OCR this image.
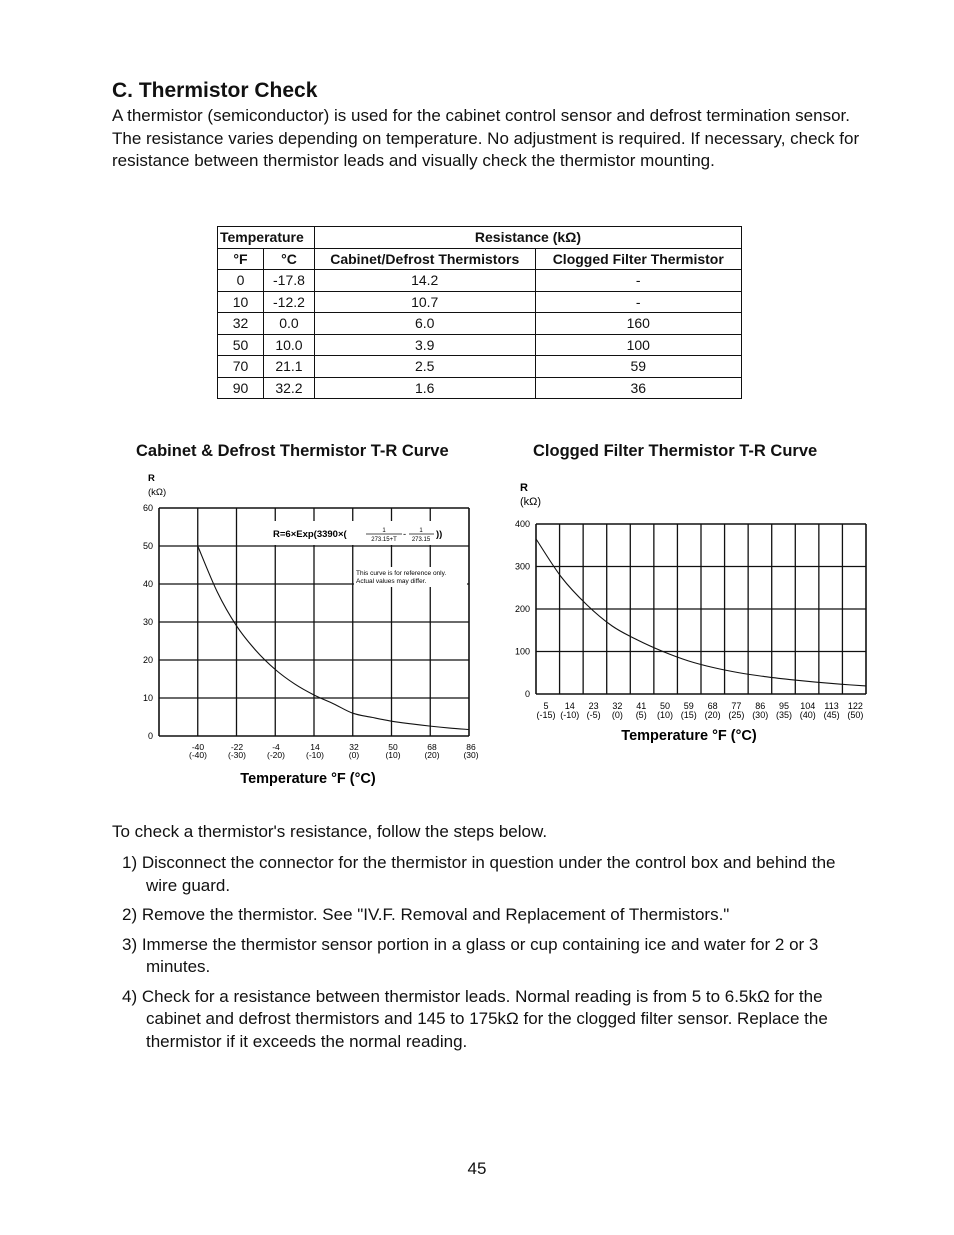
C. Thermistor Check

A thermistor (semiconductor) is used for the cabinet control sensor and defrost termination sensor. The resistance varies depending on temperature. No adjustment is required. If necessary, check for resistance between thermistor leads and visually check the thermistor mounting.

Temperature		Resistance (kΩ)	
°F	°C	Cabinet/Defrost Thermistors	Clogged Filter Thermistor
0	-17.8	14.2	-
10	-12.2	10.7	-
32	0.0	6.0	160
50	10.0	3.9	100
70	21.1	2.5	59
90	32.2	1.6	36
Cabinet & Defrost Thermistor T-R Curve	Clogged Filter Thermistor T-R Curve
0
10
20
30
40
50
60
-40
(-40)
-22
(-30)
-4
(-20)
14
(-10)
32
(0)
50
(10)
68
(20)
86
(30)
R
(kΩ)
Temperature °F (°C)
R=6×Exp(3390×(	1
273.15+T - 1
273.15 ))
This curve is for reference only.
Actual values may differ.
0
100
200
300
400
5
(-15)
14
(-10)
23
(-5)
32
(0)
41
(5)
50
(10)
59
(15)
68
(20)
77
(25)
86
(30)
95
(35)
104
(40)
113
(45)
122
(50)
R
(kΩ)
Temperature °F (°C)

To check a thermistor's resistance, follow the steps below.

1) Disconnect the connector for the thermistor in question under the control box and behind the wire guard.
2) Remove the thermistor. See "IV.F. Removal and Replacement of Thermistors."
3) Immerse the thermistor sensor portion in a glass or cup containing ice and water for 2 or 3 minutes.
4) Check for a resistance between thermistor leads. Normal reading is from 5 to 6.5kΩ for the cabinet and defrost thermistors and 145 to 175kΩ for the clogged filter sensor. Replace the thermistor if it exceeds the normal reading.
45
